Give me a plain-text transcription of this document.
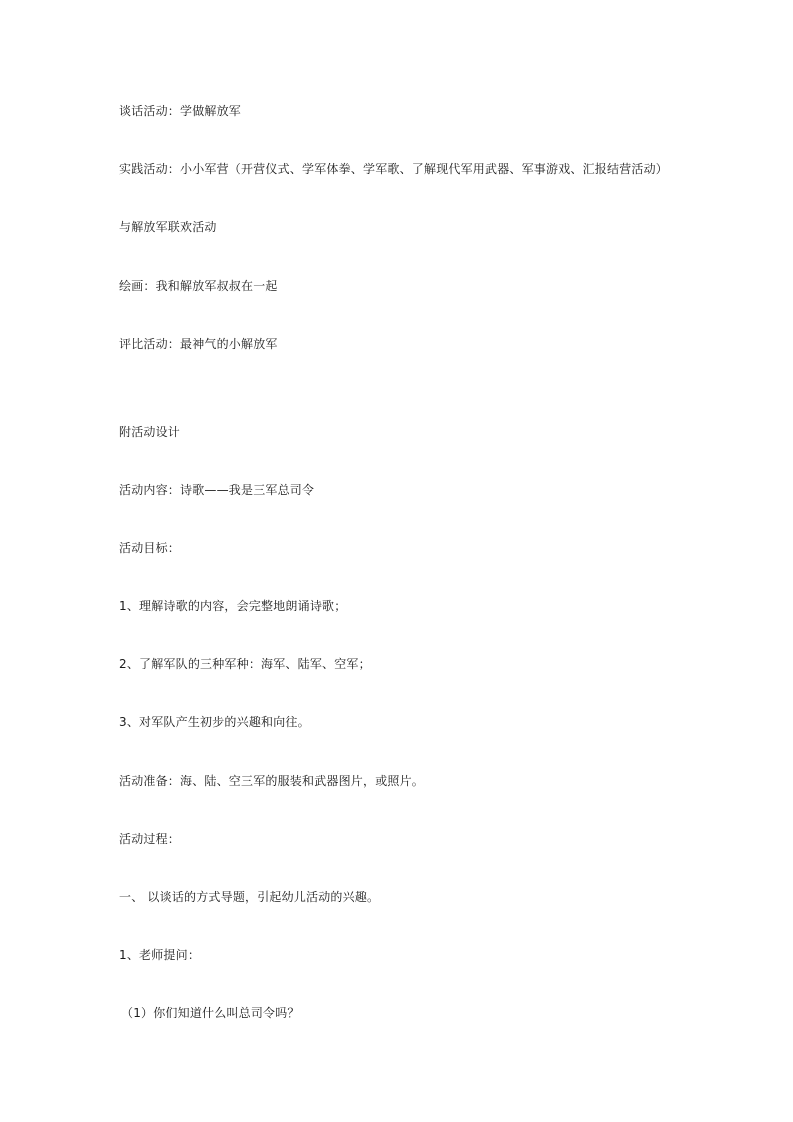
谈话活动：学做解放军
实践活动：小小军营（开营仪式、学军体拳、学军歌、了解现代军用武器、军事游戏、汇报结营活动）
与解放军联欢活动
绘画：我和解放军叔叔在一起
评比活动：最神气的小解放军
附活动设计
活动内容：诗歌——我是三军总司令
活动目标：
1、理解诗歌的内容，会完整地朗诵诗歌；
2、了解军队的三种军种：海军、陆军、空军；
3、对军队产生初步的兴趣和向往。
活动准备：海、陆、空三军的服装和武器图片，或照片。
活动过程：
一、 以谈话的方式导题，引起幼儿活动的兴趣。
1、老师提问：
（1）你们知道什么叫总司令吗？
